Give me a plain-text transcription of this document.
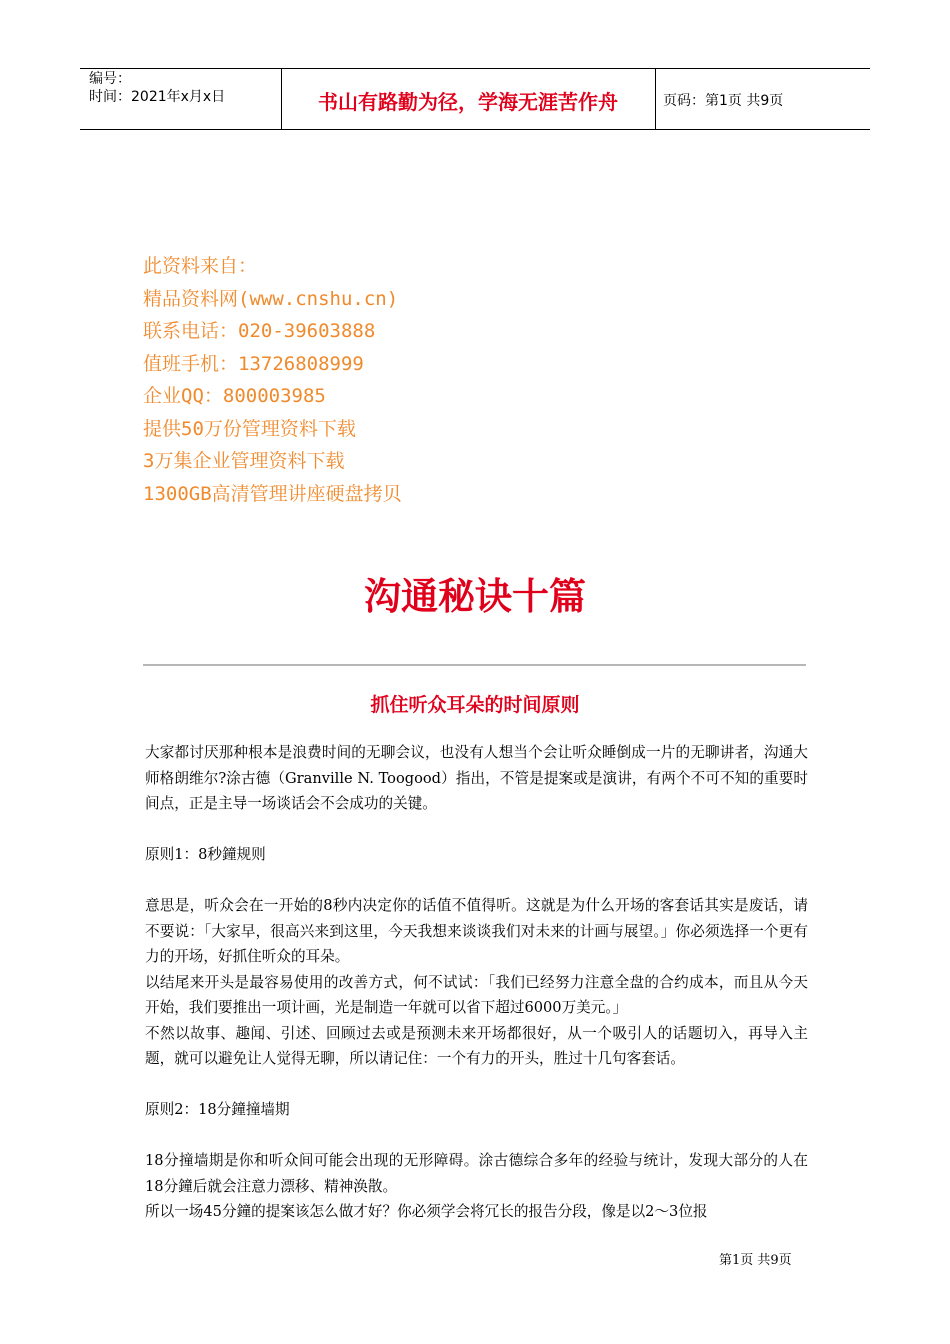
编号：
时间：2021年x月x日	书山有路勤为径，学海无涯苦作舟	页码：第1页 共9页
此资料来自：
精品资料网(www.cnshu.cn)
联系电话：020-39603888
值班手机：13726808999
企业QQ：800003985
提供50万份管理资料下载
3万集企业管理资料下载
1300GB高清管理讲座硬盘拷贝
沟通秘诀十篇
抓住听众耳朵的时间原则

大家都讨厌那种根本是浪费时间的无聊会议，也没有人想当个会让听众睡倒成一片的无聊讲者，沟通大师格朗维尔?涂古德（Granville N. Toogood）指出，不管是提案或是演讲，有两个不可不知的重要时间点，正是主导一场谈话会不会成功的关键。

原则1：8秒鐘规则

意思是，听众会在一开始的8秒内决定你的话值不值得听。这就是为什么开场的客套话其实是废话，请不要说：「大家早，很高兴来到这里，今天我想来谈谈我们对未来的计画与展望。」你必须选择一个更有力的开场，好抓住听众的耳朵。

以结尾来开头是最容易使用的改善方式，何不试试：「我们已经努力注意全盘的合约成本，而且从今天开始，我们要推出一项计画，光是制造一年就可以省下超过6000万美元。」

不然以故事、趣闻、引述、回顾过去或是预测未来开场都很好，从一个吸引人的话题切入，再导入主题，就可以避免让人觉得无聊，所以请记住：一个有力的开头，胜过十几句客套话。

原则2：18分鐘撞墙期

18分撞墙期是你和听众间可能会出现的无形障碍。涂古德综合多年的经验与统计，发现大部分的人在18分鐘后就会注意力漂移、精神涣散。

所以一场45分鐘的提案该怎么做才好？你必须学会将冗长的报告分段，像是以2～3位报

第1页 共9页
